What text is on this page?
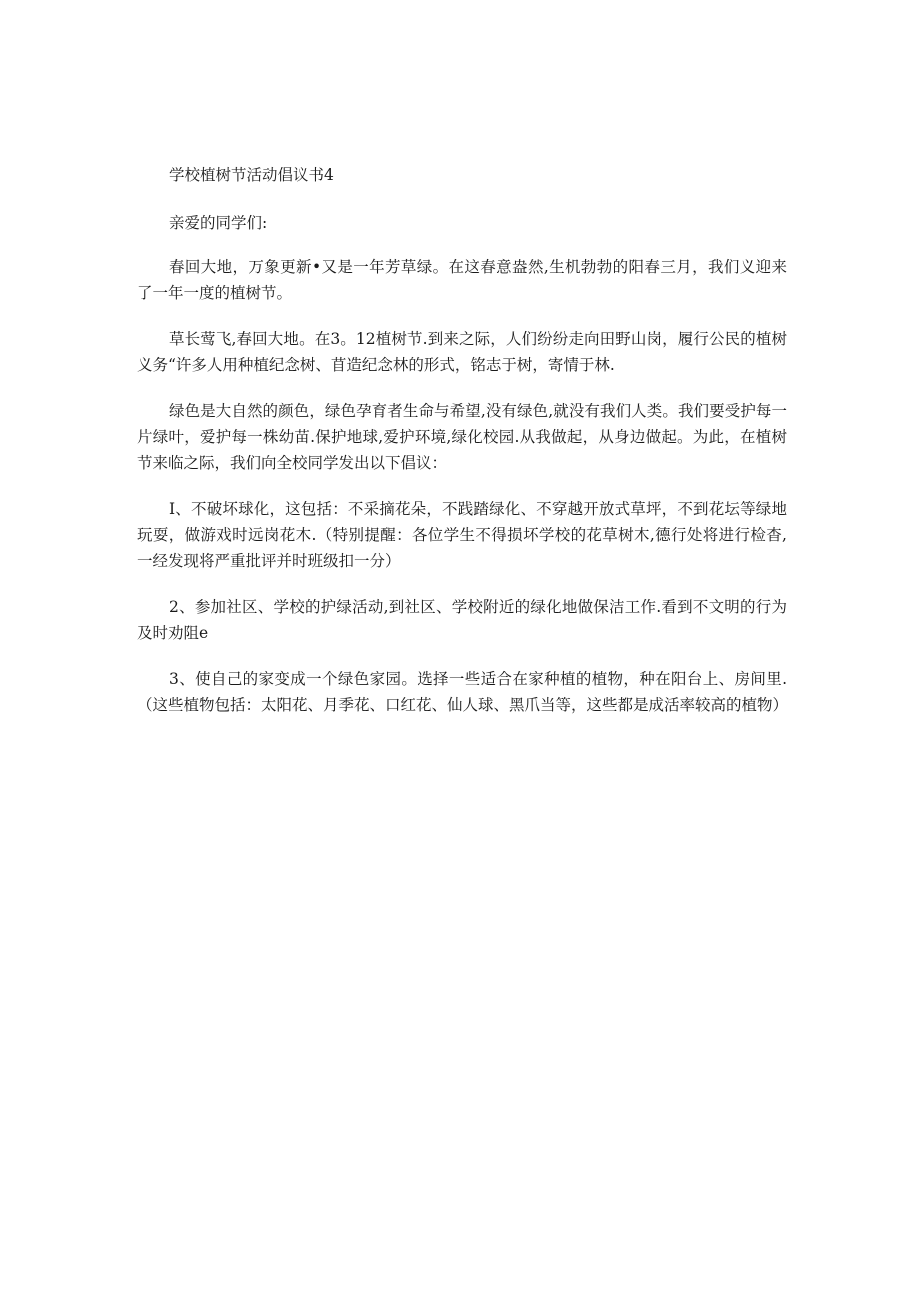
学校植树节活动倡议书4

亲爱的同学们:

春回大地，万象更新•又是一年芳草绿。在这春意盎然,生机勃勃的阳春三月，我们义迎来了一年一度的植树节。

草长莺飞,春回大地。在3。12植树节.到来之际，人们纷纷走向田野山岗，履行公民的植树义务“许多人用种植纪念树、苜造纪念林的形式，铭志于树，寄情于林.

绿色是大自然的颜色，绿色孕育者生命与希望,没有绿色,就没有我们人类。我们要受护每一片绿叶，爱护每一株幼苗.保护地球,爱护环境,绿化校园.从我做起，从身边做起。为此，在植树节来临之际，我们向全校同学发出以下倡议：

I、不破坏球化，这包括：不采摘花朵，不践踏绿化、不穿越开放式草坪，不到花坛等绿地玩耍，做游戏时远岗花木.（特别提醒：各位学生不得损坏学校的花草树木,德行处将进行检杳,一经发现将严重批评并时班级扣一分）

2、参加社区、学校的护绿活动,到社区、学校附近的绿化地做保洁工作.看到不文明的行为及时劝阻e

3、使自己的家变成一个绿色家园。选择一些适合在家种植的植物，种在阳台上、房间里.（这些植物包括：太阳花、月季花、口红花、仙人球、黑爪当等，这些都是成活率较高的植物）
